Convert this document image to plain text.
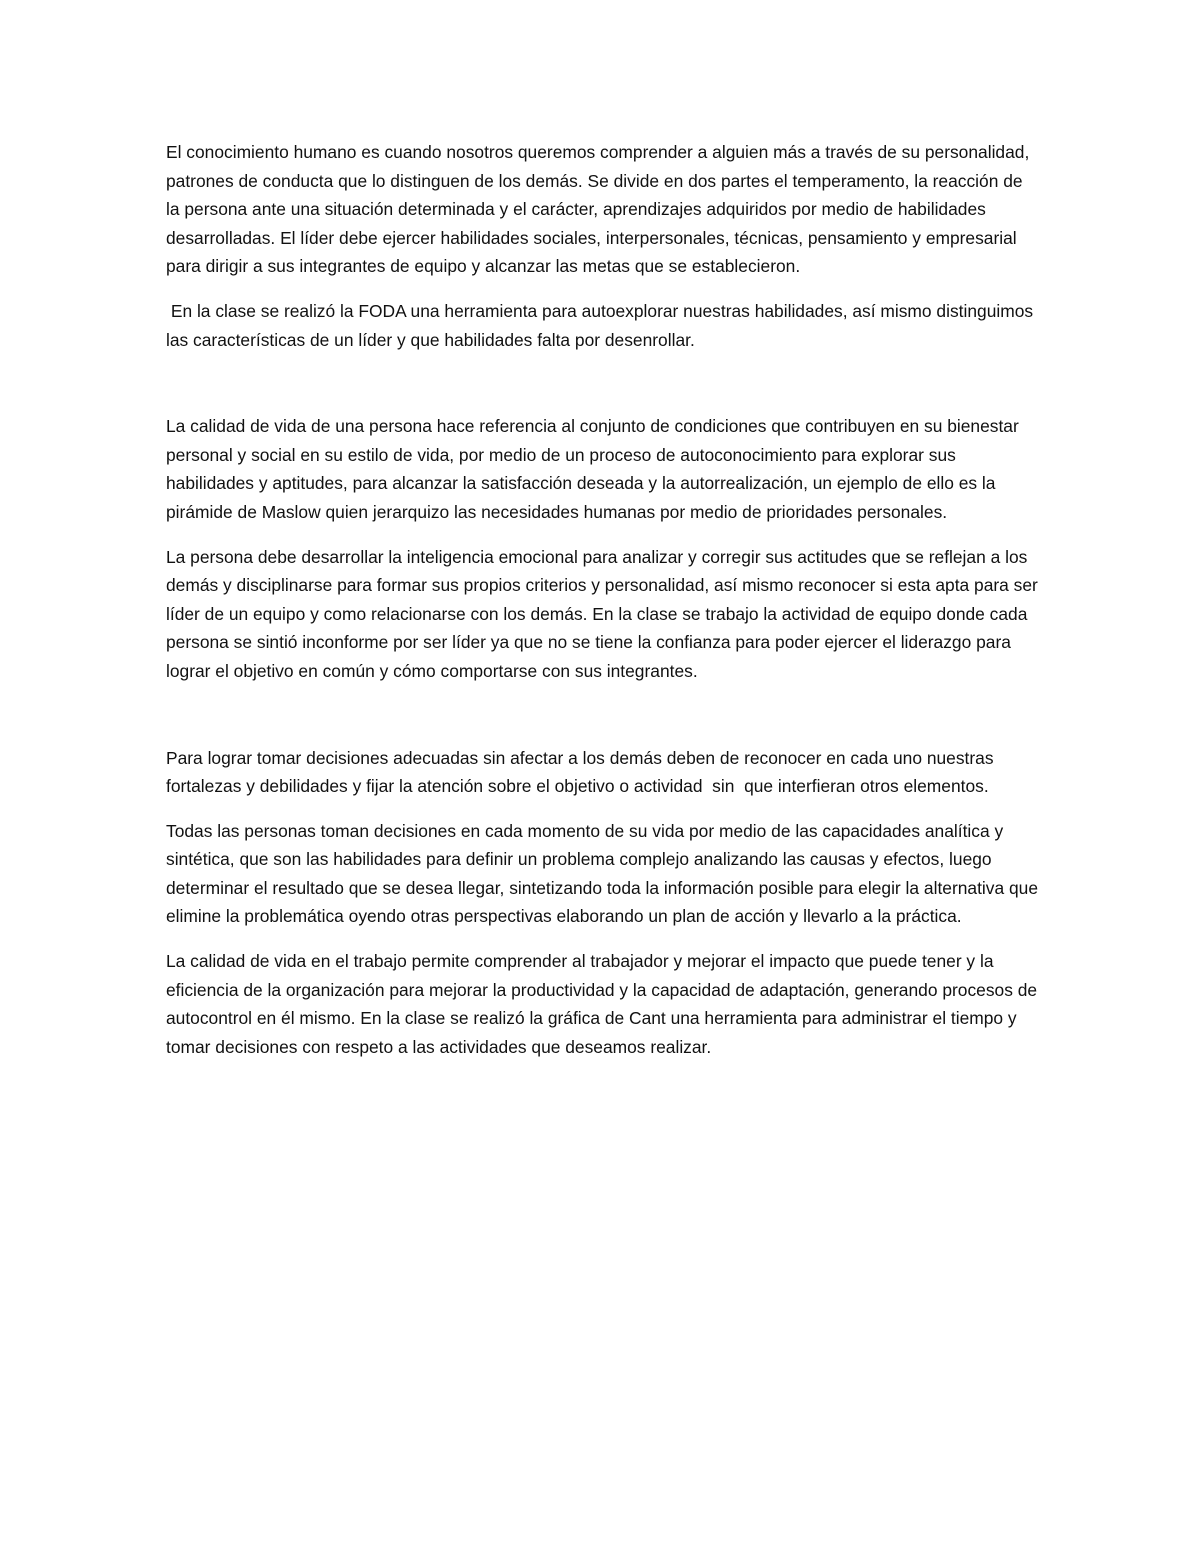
El conocimiento humano es cuando nosotros queremos comprender a alguien más a través de su personalidad, patrones de conducta que lo distinguen de los demás. Se divide en dos partes el temperamento, la reacción de la persona ante una situación determinada y el carácter, aprendizajes adquiridos por medio de habilidades desarrolladas. El líder debe ejercer habilidades sociales, interpersonales, técnicas, pensamiento y empresarial para dirigir a sus integrantes de equipo y alcanzar las metas que se establecieron.

En la clase se realizó la FODA una herramienta para autoexplorar nuestras habilidades, así mismo distinguimos las características de un líder y que habilidades falta por desenrollar.

La calidad de vida de una persona hace referencia al conjunto de condiciones que contribuyen en su bienestar personal y social en su estilo de vida, por medio de un proceso de autoconocimiento para explorar sus habilidades y aptitudes, para alcanzar la satisfacción deseada y la autorrealización, un ejemplo de ello es la pirámide de Maslow quien jerarquizo las necesidades humanas por medio de prioridades personales.

La persona debe desarrollar la inteligencia emocional para analizar y corregir sus actitudes que se reflejan a los demás y disciplinarse para formar sus propios criterios y personalidad, así mismo reconocer si esta apta para ser líder de un equipo y como relacionarse con los demás. En la clase se trabajo la actividad de equipo donde cada persona se sintió inconforme por ser líder ya que no se tiene la confianza para poder ejercer el liderazgo para lograr el objetivo en común y cómo comportarse con sus integrantes.

Para lograr tomar decisiones adecuadas sin afectar a los demás deben de reconocer en cada uno nuestras fortalezas y debilidades y fijar la atención sobre el objetivo o actividad  sin  que interfieran otros elementos.

Todas las personas toman decisiones en cada momento de su vida por medio de las capacidades analítica y sintética, que son las habilidades para definir un problema complejo analizando las causas y efectos, luego determinar el resultado que se desea llegar, sintetizando toda la información posible para elegir la alternativa que elimine la problemática oyendo otras perspectivas elaborando un plan de acción y llevarlo a la práctica.

La calidad de vida en el trabajo permite comprender al trabajador y mejorar el impacto que puede tener y la eficiencia de la organización para mejorar la productividad y la capacidad de adaptación, generando procesos de autocontrol en él mismo. En la clase se realizó la gráfica de Cant una herramienta para administrar el tiempo y tomar decisiones con respeto a las actividades que deseamos realizar.
